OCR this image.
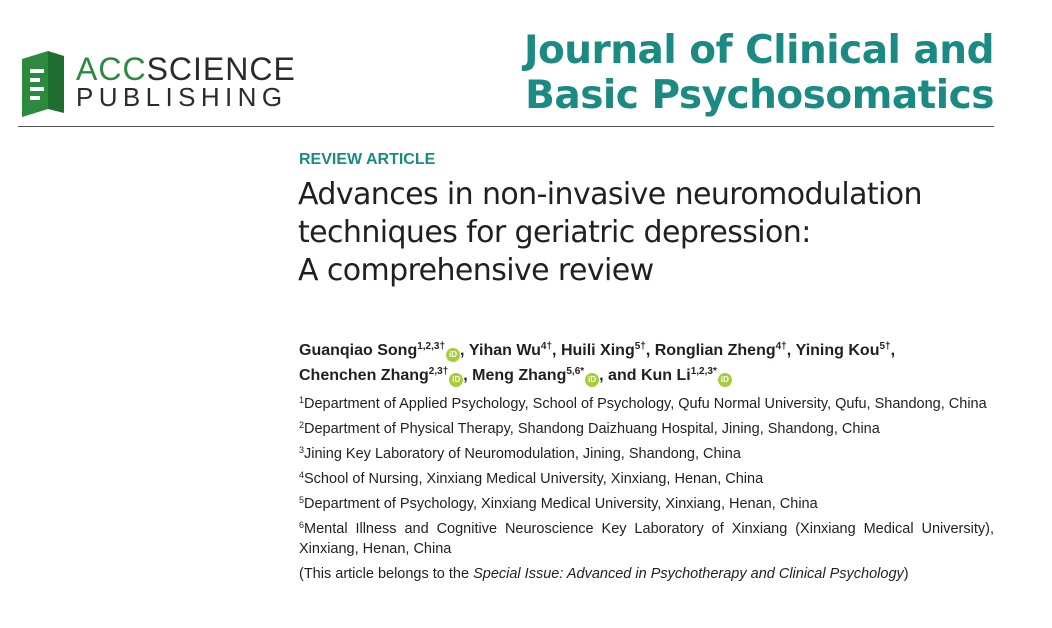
ACCSCIENCE
PUBLISHING
Journal of Clinical and
Basic Psychosomatics
REVIEW ARTICLE
Advances in non-invasive neuromodulation
techniques for geriatric depression:
A comprehensive review
Guanqiao Song$^{1,2,3\dagger}$iD , Yihan $Wu^{4\dagger}$, Huili Xing$^{5\dagger}$, Ronglian Zheng$^{4\dagger}$, Yining Kou$^{5\dagger}$,
Chenchen Zhang$^{2,3\dagger}$iD , Meng Zhang$^{5,6*}$iD , and Kun $Li^{1,2,3*}iD$
$^1$Department of Applied Psychology, School of Psychology, Qufu Normal University, Qufu, Shandong, China
$^2$Department of Physical Therapy, Shandong Daizhuang Hospital, Jining, Shandong, China
$^3$Jining Key Laboratory of Neuromodulation, Jining, Shandong, China
$^4$School of Nursing, Xinxiang Medical University, Xinxiang, Henan, China
$^5$Department of Psychology, Xinxiang Medical University, Xinxiang, Henan, China
$^6$Mental Illness and Cognitive Neuroscience Key Laboratory of Xinxiang (Xinxiang Medical University), Xinxiang, Henan, China
(This article belongs to the Special Issue: Advanced in Psychotherapy and Clinical Psychology)
